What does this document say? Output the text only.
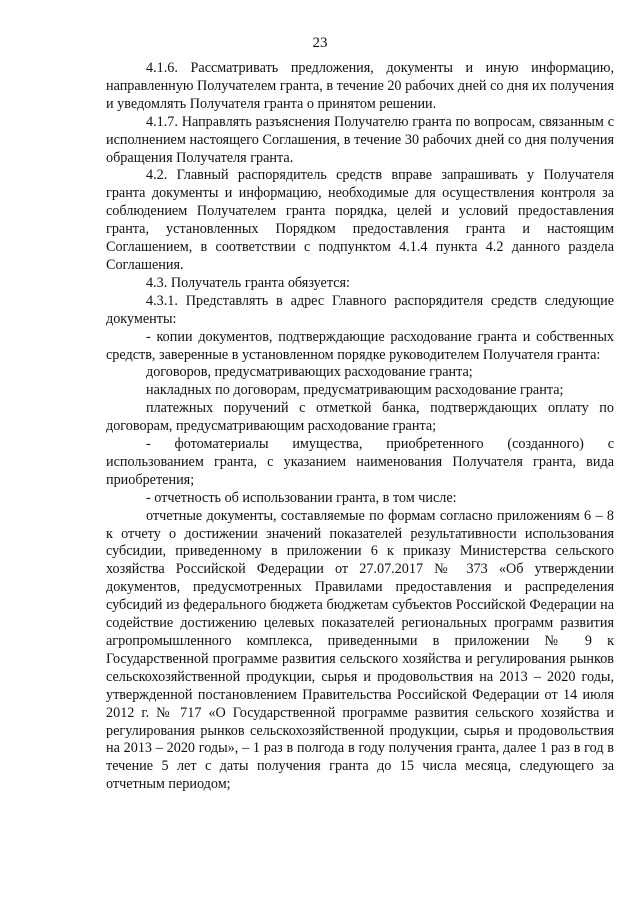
23

4.1.6. Рассматривать предложения, документы и иную информацию, направленную Получателем гранта, в течение 20 рабочих дней со дня их получения и уведомлять Получателя гранта о принятом решении.

4.1.7. Направлять разъяснения Получателю гранта по вопросам, связанным с исполнением настоящего Соглашения, в течение 30 рабочих дней со дня получения обращения Получателя гранта.

4.2. Главный распорядитель средств вправе запрашивать у Получателя гранта документы и информацию, необходимые для осуществления контроля за соблюдением Получателем гранта порядка, целей и условий предоставления гранта, установленных Порядком предоставления гранта и настоящим Соглашением, в соответствии с подпунктом 4.1.4 пункта 4.2 данного раздела Соглашения.

4.3. Получатель гранта обязуется:

4.3.1. Представлять в адрес Главного распорядителя средств следующие документы:

- копии документов, подтверждающие расходование гранта и собственных средств, заверенные в установленном порядке руководителем Получателя гранта:

договоров, предусматривающих расходование гранта;

накладных по договорам, предусматривающим расходование гранта;

платежных поручений с отметкой банка, подтверждающих оплату по договорам, предусматривающим расходование гранта;

- фотоматериалы имущества, приобретенного (созданного) с использованием гранта, с указанием наименования Получателя гранта, вида приобретения;

- отчетность об использовании гранта, в том числе:

отчетные документы, составляемые по формам согласно приложениям 6 – 8 к отчету о достижении значений показателей результативности использования субсидии, приведенному в приложении 6 к приказу Министерства сельского хозяйства Российской Федерации от 27.07.2017 № 373 «Об утверждении документов, предусмотренных Правилами предоставления и распределения субсидий из федерального бюджета бюджетам субъектов Российской Федерации на содействие достижению целевых показателей региональных программ развития агропромышленного комплекса, приведенными в приложении № 9 к Государственной программе развития сельского хозяйства и регулирования рынков сельскохозяйственной продукции, сырья и продовольствия на 2013 – 2020 годы, утвержденной постановлением Правительства Российской Федерации от 14 июля 2012 г. № 717 «О Государственной программе развития сельского хозяйства и регулирования рынков сельскохозяйственной продукции, сырья и продовольствия на 2013 – 2020 годы», – 1 раз в полгода в году получения гранта, далее 1 раз в год в течение 5 лет с даты получения гранта до 15 числа месяца, следующего за отчетным периодом;
